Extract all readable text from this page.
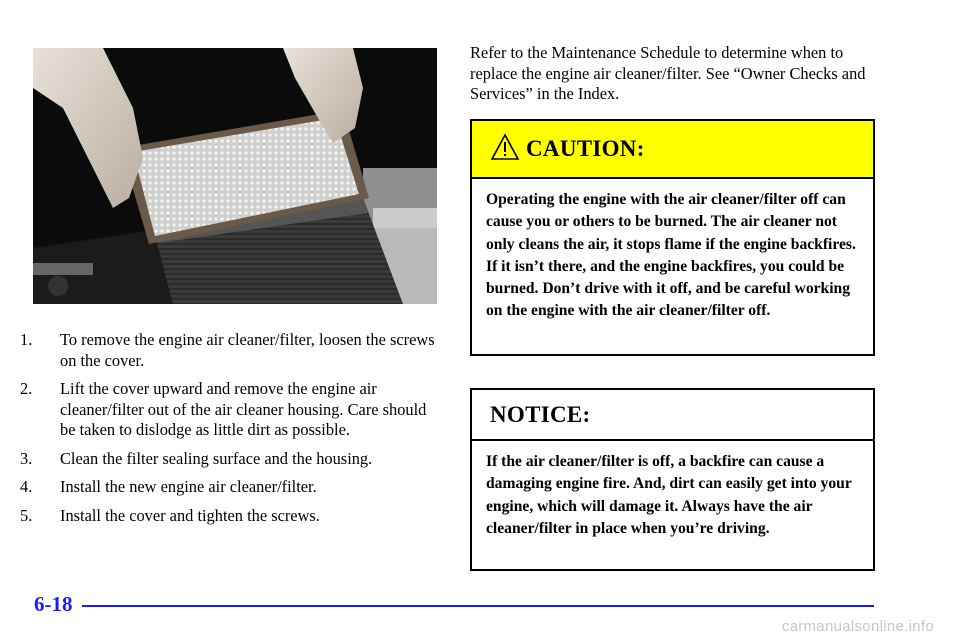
1. To remove the engine air cleaner/filter, loosen the screws on the cover.
2. Lift the cover upward and remove the engine air cleaner/filter out of the air cleaner housing. Care should be taken to dislodge as little dirt as possible.
3. Clean the filter sealing surface and the housing.
4. Install the new engine air cleaner/filter.
5. Install the cover and tighten the screws.

Refer to the Maintenance Schedule to determine when to replace the engine air cleaner/filter. See “Owner Checks and Services” in the Index.

CAUTION:
Operating the engine with the air cleaner/filter off can cause you or others to be burned. The air cleaner not only cleans the air, it stops flame if the engine backfires. If it isn’t there, and the engine backfires, you could be burned. Don’t drive with it off, and be careful working on the engine with the air cleaner/filter off.
NOTICE:
If the air cleaner/filter is off, a backfire can cause a damaging engine fire. And, dirt can easily get into your engine, which will damage it. Always have the air cleaner/filter in place when you’re driving.
6-18
carmanualsonline.info
